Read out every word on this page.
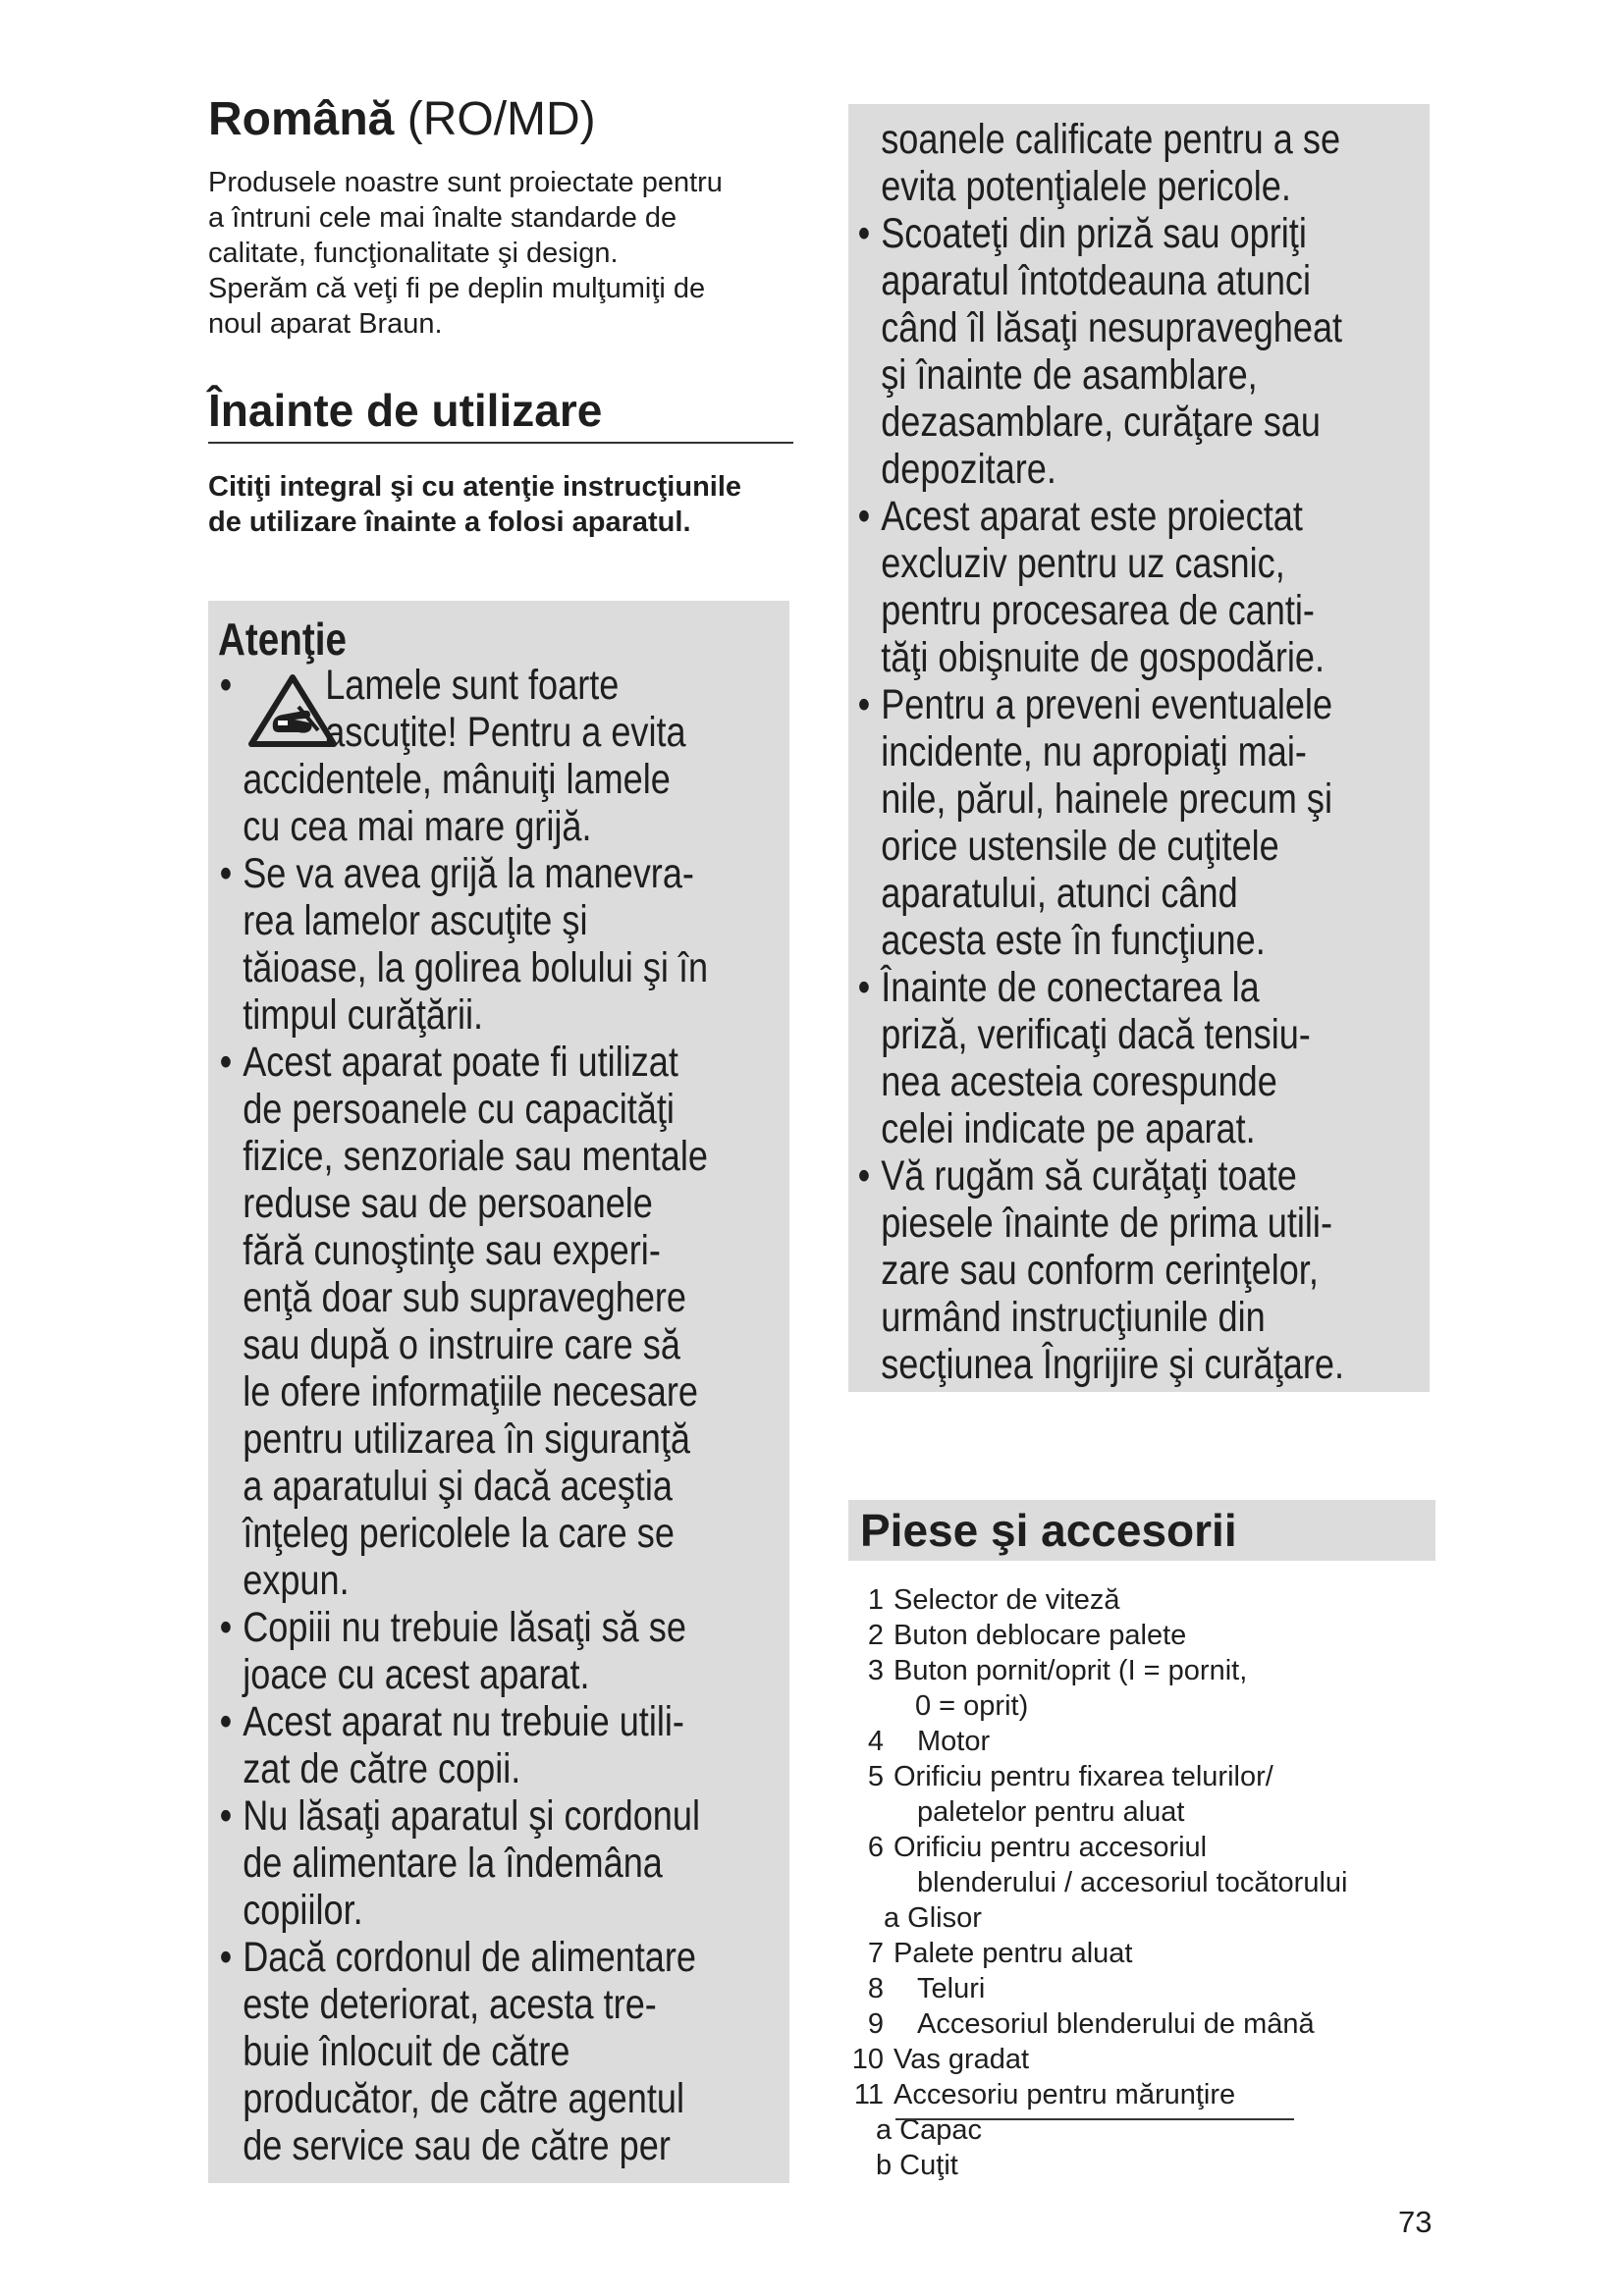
Română (RO/MD)

Produsele noastre sunt proiectate pentru

a întruni cele mai înalte standarde de

calitate, funcţionalitate şi design.

Sperăm că veţi fi pe deplin mulţumiţi de

noul aparat Braun.

Înainte de utilizare

Citiţi integral şi cu atenţie instrucţiunile

de utilizare înainte a folosi aparatul.

Atenţie
•	Lamele sunt foarte
ascuţite! Pentru a evita
accidentele, mânuiţi lamele
cu cea mai mare grijă.
• Se va avea grijă la manevra-
rea lamelor ascuţite şi
tăioase, la golirea bolului şi în
timpul curăţării.
• Acest aparat poate fi utilizat
de persoanele cu capacităţi
fizice, senzoriale sau mentale
reduse sau de persoanele
fără cunoştinţe sau experi-
enţă doar sub supraveghere
sau după o instruire care să
le ofere informaţiile necesare
pentru utilizarea în siguranţă
a aparatului şi dacă aceştia
înţeleg pericolele la care se
expun.
• Copiii nu trebuie lăsaţi să se
joace cu acest aparat.
• Acest aparat nu trebuie utili-
zat de către copii.
• Nu lăsaţi aparatul şi cordonul
de alimentare la îndemâna
copiilor.
• Dacă cordonul de alimentare
este deteriorat, acesta tre-
buie înlocuit de către
producător, de către agentul
de service sau de către per
soanele calificate pentru a se
evita potenţialele pericole.
• Scoateţi din priză sau opriţi
aparatul întotdeauna atunci
când îl lăsaţi nesupravegheat
şi înainte de asamblare,
dezasamblare, curăţare sau
depozitare.
• Acest aparat este proiectat
excluziv pentru uz casnic,
pentru procesarea de canti-
tăţi obişnuite de gospodărie.
• Pentru a preveni eventualele
incidente, nu apropiaţi mai-
nile, părul, hainele precum şi
orice ustensile de cuţitele
aparatului, atunci când
acesta este în funcţiune.
• Înainte de conectarea la
priză, verificaţi dacă tensiu-
nea acesteia corespunde
celei indicate pe aparat.
• Vă rugăm să curăţaţi toate
piesele înainte de prima utili-
zare sau conform cerinţelor,
urmând instrucţiunile din
secţiunea Îngrijire şi curăţare.
Piese şi accesorii
1 Selector de viteză
2 Buton deblocare palete
3 Buton pornit/oprit (I = pornit,
0 = oprit)
4 Motor
5 Orificiu pentru fixarea telurilor/
paletelor pentru aluat
6 Orificiu pentru accesoriul
blenderului / accesoriul tocătorului
a Glisor
7 Palete pentru aluat
8 Teluri
9 Accesoriul blenderului de mână
10 Vas gradat
11 Accesoriu pentru mărunţire
a Capac
b Cuţit
73
